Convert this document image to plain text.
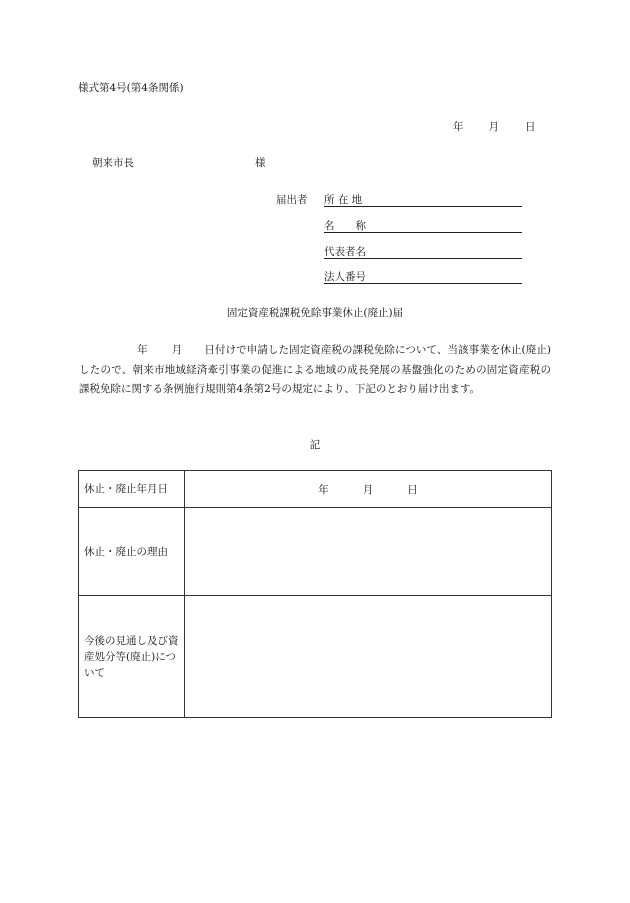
様式第4号(第4条関係)
年 月 日
朝来市長	様
届出者 所 在 地
名　　称
代表者名
法人番号
固定資産税課税免除事業休止(廃止)届
年 月 日付けで申請した固定資産税の課税免除について、当該事業を休止(廃止)したので、朝来市地域経済牽引事業の促進による地域の成長発展の基盤強化のための固定資産税の課税免除に関する条例施行規則第4条第2号の規定により、下記のとおり届け出ます。
記
休止・廃止年月日	年 月 日
休止・廃止の理由	
今後の見通し及び資産処分等(廃止)について	
